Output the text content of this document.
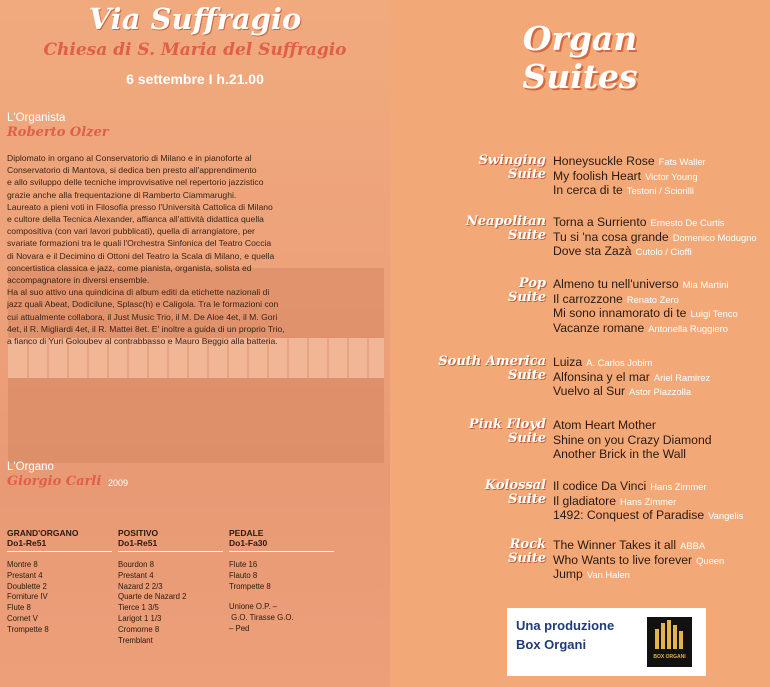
Via Suffragio
Chiesa di S. Maria del Suffragio
6 settembre I h.21.00
L'Organista
Roberto Olzer
Diplomato in organo al Conservatorio di Milano e in pianoforte al
Conservatorio di Mantova, si dedica ben presto all'apprendimento
e allo sviluppo delle tecniche improvvisative nel repertorio jazzistico
grazie anche alla frequentazione di Ramberto Ciammarughi.
Laureato a pieni voti in Filosofia presso l'Università Cattolica di Milano
e cultore della Tecnica Alexander, affianca all'attività didattica quella
compositiva (con vari lavori pubblicati), quella di arrangiatore, per
svariate formazioni tra le quali l'Orchestra Sinfonica del Teatro Coccia
di Novara e il Decimino di Ottoni del Teatro la Scala di Milano, e quella
concertistica classica e jazz, come pianista, organista, solista ed
accompagnatore in diversi ensemble.
Ha al suo attivo una quindicina di album editi da etichette nazionali di
jazz quali Abeat, Dodicilune, Splasc(h) e Caligola. Tra le formazioni con
cui attualmente collabora, il Just Music Trio, il M. De Aloe 4et, il M. Gori
4et, il R. Migliardi 4et, il R. Mattei 8et. E' inoltre a guida di un proprio Trio,
a fianco di Yuri Goloubev al contrabbasso e Mauro Beggio alla batteria.
L'Organo
Giorgio Carli 2009
GRAND'ORGANO
Do1-Re51
Montre 8
Prestant 4
Doublette 2
Forniture IV
Flute 8
Cornet V
Trompette 8
POSITIVO
Do1-Re51
Bourdon 8
Prestant 4
Nazard 2 2/3
Quarte de Nazard 2
Tierce 1 3/5
Larigot 1 1/3
Cromorne 8
Tremblant
PEDALE
Do1-Fa30
Flute 16
Flauto 8
Trompette 8
Unione O.P. –
G.O. Tirasse G.O.
– Ped
Organ
Suites
Swinging
Suite
Honeysuckle Rose Fats Waller
My foolish Heart Victor Young
In cerca di te Testoni / Sciorilli
Neapolitan
Suite
Torna a Surriento Ernesto De Curtis
Tu si 'na cosa grande Domenico Modugno
Dove sta Zazà Cutolo / Cioffi
Pop
Suite
Almeno tu nell'universo Mia Martini
Il carrozzone Renato Zero
Mi sono innamorato di te Luigi Tenco
Vacanze romane Antonella Ruggiero
South America
Suite
Luiza A. Carlos Jobim
Alfonsina y el mar Ariel Ramirez
Vuelvo al Sur Astor Piazzolla
Pink Floyd
Suite
Atom Heart Mother
Shine on you Crazy Diamond
Another Brick in the Wall
Kolossal
Suite
Il codice Da Vinci Hans Zimmer
Il gladiatore Hans Zimmer
1492: Conquest of Paradise Vangelis
Rock
Suite
The Winner Takes it all ABBA
Who Wants to live forever Queen
Jump Van Halen
Una produzione
Box Organi
BOX ORGANI
